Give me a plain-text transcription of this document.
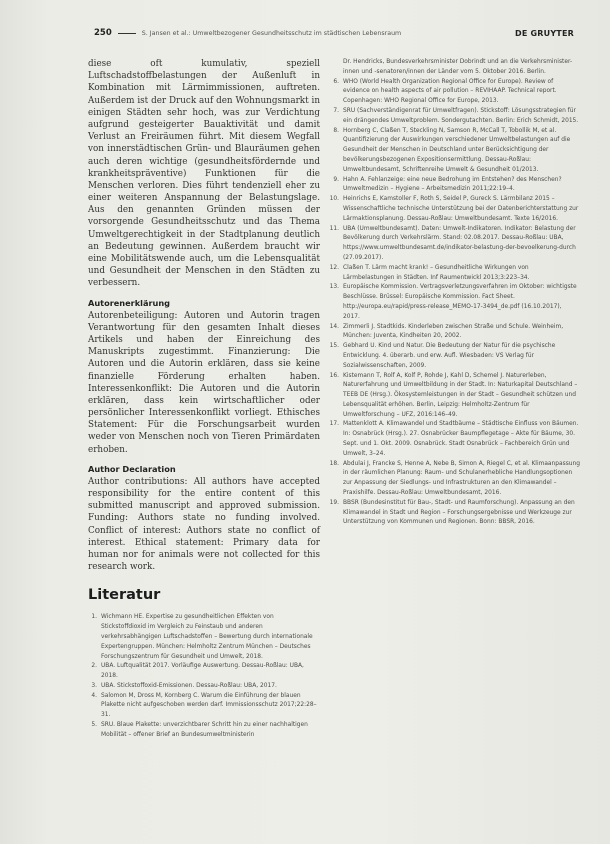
250	S. Jansen et al.: Umweltbezogener Gesundheitsschutz im städtischen Lebensraum	DE GRUYTER

diese oft kumulativ, speziell Luftschadstoffbelastungen der Außenluft in Kombination mit Lärmimmissionen, auftreten. Außerdem ist der Druck auf den Wohnungsmarkt in einigen Städten sehr hoch, was zur Verdichtung aufgrund gesteigerter Bauaktivität und damit Verlust an Freiräumen führt. Mit diesem Wegfall von innerstädtischen Grün- und Blauräumen gehen auch deren wichtige (gesundheitsfördernde und krankheitspräventive) Funktionen für die Menschen verloren. Dies führt tendenziell eher zu einer weiteren Anspannung der Belastungslage. Aus den genannten Gründen müssen der vorsorgende Gesundheitsschutz und das Thema Umweltgerechtigkeit in der Stadtplanung deutlich an Bedeutung gewinnen. Außerdem braucht wir eine Mobilitätswende auch, um die Lebensqualität und Gesundheit der Menschen in den Städten zu verbessern.

Autorenerklärung

Autorenbeteiligung: Autoren und Autorin tragen Verantwortung für den gesamten Inhalt dieses Artikels und haben der Einreichung des Manuskripts zugestimmt. Finanzierung: Die Autoren und die Autorin erklären, dass sie keine finanzielle Förderung erhalten haben. Interessenkonflikt: Die Autoren und die Autorin erklären, dass kein wirtschaftlicher oder persönlicher Interessenkonflikt vorliegt. Ethisches Statement: Für die Forschungsarbeit wurden weder von Menschen noch von Tieren Primärdaten erhoben.

Author Declaration

Author contributions: All authors have accepted responsibility for the entire content of this submitted manuscript and approved submission. Funding: Authors state no funding involved. Conflict of interest: Authors state no conflict of interest. Ethical statement: Primary data for human nor for animals were not collected for this research work.

Literatur
1. Wichmann HE. Expertise zu gesundheitlichen Effekten von Stickstoffdioxid im Vergleich zu Feinstaub und anderen verkehrsabhängigen Luftschadstoffen – Bewertung durch internationale Expertengruppen. München: Helmholtz Zentrum München – Deutsches Forschungszentrum für Gesundheit und Umwelt, 2018.
2. UBA. Luftqualität 2017. Vorläufige Auswertung. Dessau-Roßlau: UBA, 2018.
3. UBA. Stickstoffoxid-Emissionen. Dessau-Roßlau: UBA, 2017.
4. Salomon M, Dross M, Kornberg C. Warum die Einführung der blauen Plakette nicht aufgeschoben werden darf. Immissionsschutz 2017;22:28–31.
5. SRU. Blaue Plakette: unverzichtbarer Schritt hin zu einer nachhaltigen Mobilität – offener Brief an Bundesumweltministerin

Dr. Hendricks, Bundesverkehrsminister Dobrindt und an die Verkehrsminister-innen und -senatoren/innen der Länder vom 5. Oktober 2016. Berlin.

6. WHO (World Health Organization Regional Office for Europe). Review of evidence on health aspects of air pollution – REVIHAAP. Technical report. Copenhagen: WHO Regional Office for Europe, 2013.
7. SRU (Sachverständigenrat für Umweltfragen). Stickstoff: Lösungsstrategien für ein drängendes Umweltproblem. Sondergutachten. Berlin: Erich Schmidt, 2015.
8. Hornberg C, Claßen T, Steckling N, Samson R, McCall T, Tobollik M, et al. Quantifizierung der Auswirkungen verschiedener Umweltbelastungen auf die Gesundheit der Menschen in Deutschland unter Berücksichtigung der bevölkerungsbezogenen Expositionsermittlung. Dessau-Roßlau: Umweltbundesamt, Schriftenreihe Umwelt & Gesundheit 01/2013.
9. Hahn A. Fehlanzeige: eine neue Bedrohung im Entstehen? des Menschen? Umweltmedizin – Hygiene – Arbeitsmedizin 2011;22:19–4.
10. Heinrichs E, Kamstoller F, Roth S, Seidel P, Gureck S. Lärmbilanz 2015 – Wissenschaftliche technische Unterstützung bei der Datenberichterstattung zur Lärmaktionsplanung. Dessau-Roßlau: Umweltbundesamt. Texte 16/2016.
11. UBA (Umweltbundesamt). Daten: Umwelt-Indikatoren. Indikator: Belastung der Bevölkerung durch Verkehrslärm. Stand: 02.08.2017. Dessau-Roßlau: UBA, https://www.umweltbundesamt.de/indikator-belastung-der-bevoelkerung-durch (27.09.2017).
12. Claßen T. Lärm macht krank! – Gesundheitliche Wirkungen von Lärmbelastungen in Städten. Inf Raumentwickl 2013;3:223–34.
13. Europäische Kommission. Vertragsverletzungsverfahren im Oktober: wichtigste Beschlüsse. Brüssel: Europäische Kommission. Fact Sheet. http://europa.eu/rapid/press-release_MEMO-17-3494_de.pdf (16.10.2017), 2017.
14. Zimmerli J. Stadtkids. Kinderleben zwischen Straße und Schule. Weinheim, München: Juventa, Kindheiten 20, 2002.
15. Gebhard U. Kind und Natur. Die Bedeutung der Natur für die psychische Entwicklung. 4. überarb. und erw. Aufl. Wiesbaden: VS Verlag für Sozialwissenschaften, 2009.
16. Kistemann T, Rolf A, Kolf P, Rohde J, Kahl D, Schemel J. Naturerleben, Naturerfahrung und Umweltbildung in der Stadt. In: Naturkapital Deutschland – TEEB DE (Hrsg.). Ökosystemleistungen in der Stadt – Gesundheit schützen und Lebensqualität erhöhen. Berlin, Leipzig: Helmholtz-Zentrum für Umweltforschung – UFZ, 2016:146–49.
17. Mattenklott A. Klimawandel und Stadtbäume – Städtische Einfluss von Bäumen. In: Osnabrück (Hrsg.). 27. Osnabrücker Baumpflegetage – Akte für Bäume, 30. Sept. und 1. Okt. 2009. Osnabrück. Stadt Osnabrück – Fachbereich Grün und Umwelt, 3–24.
18. Abdulai J, Francke S, Henne A, Nebe B, Simon A, Riegel C, et al. Klimaanpassung in der räumlichen Planung: Raum- und Schulanerhebliche Handlungsoptionen zur Anpassung der Siedlungs- und Infrastrukturen an den Klimawandel – Praxishilfe. Dessau-Roßlau: Umweltbundesamt, 2016.
19. BBSR (Bundesinstitut für Bau-, Stadt- und Raumforschung). Anpassung an den Klimawandel in Stadt und Region – Forschungsergebnisse und Werkzeuge zur Unterstützung von Kommunen und Regionen. Bonn: BBSR, 2016.
